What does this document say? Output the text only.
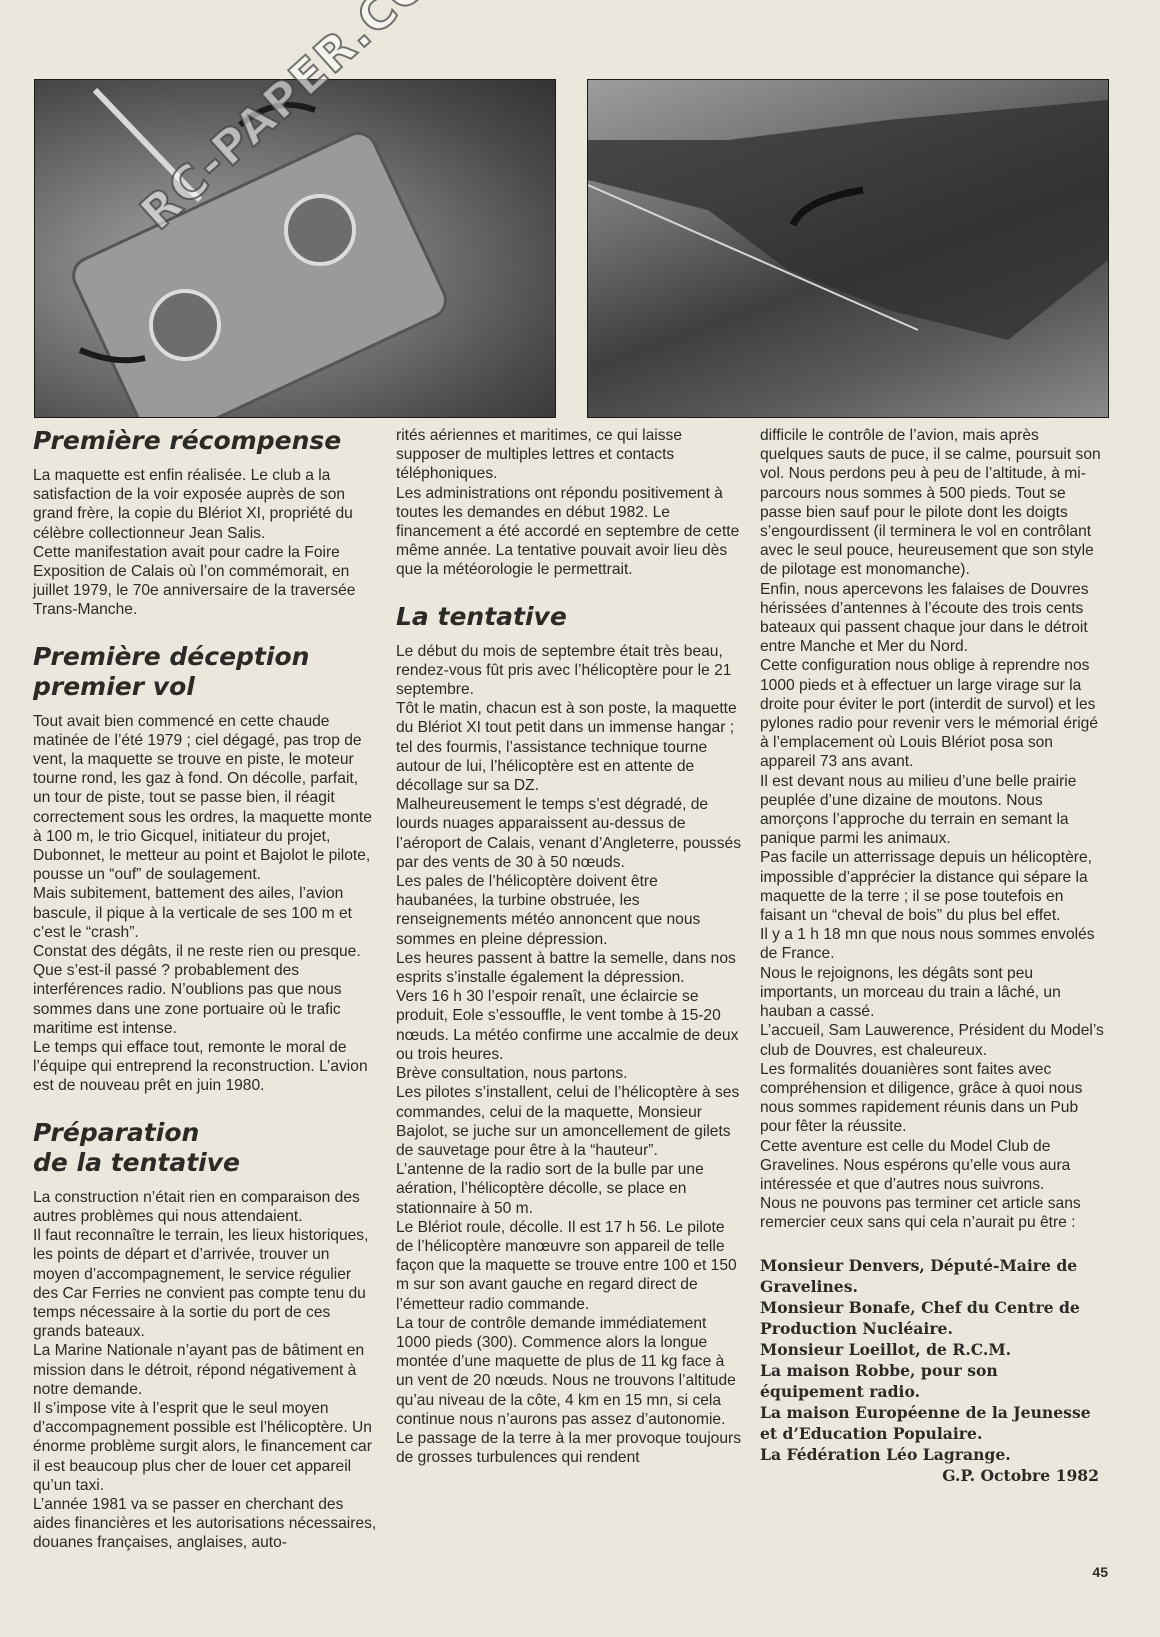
Première récompense

La maquette est enfin réalisée. Le club a la satisfaction de la voir exposée auprès de son grand frère, la copie du Blériot XI, propriété du célèbre collectionneur Jean Salis.

Cette manifestation avait pour cadre la Foire Exposition de Calais où l’on commémorait, en juillet 1979, le 70e anniversaire de la traversée Trans-Manche.

Première déception
premier vol

Tout avait bien commencé en cette chaude matinée de l’été 1979 ; ciel dégagé, pas trop de vent, la maquette se trouve en piste, le moteur tourne rond, les gaz à fond. On décolle, parfait, un tour de piste, tout se passe bien, il réagit correctement sous les ordres, la maquette monte à 100 m, le trio Gicquel, initiateur du projet, Dubonnet, le metteur au point et Bajolot le pilote, pousse un “ouf” de soulagement.

Mais subitement, battement des ailes, l’avion bascule, il pique à la verticale de ses 100 m et c’est le “crash”.

Constat des dégâts, il ne reste rien ou presque. Que s’est-il passé ? probablement des interférences radio. N’oublions pas que nous sommes dans une zone portuaire où le trafic maritime est intense.

Le temps qui efface tout, remonte le moral de l’équipe qui entreprend la reconstruction. L’avion est de nouveau prêt en juin 1980.

Préparation
de la tentative

La construction n’était rien en comparaison des autres problèmes qui nous attendaient.

Il faut reconnaître le terrain, les lieux historiques, les points de départ et d’arrivée, trouver un moyen d’accompagnement, le service régulier des Car Ferries ne convient pas compte tenu du temps nécessaire à la sortie du port de ces grands bateaux.

La Marine Nationale n’ayant pas de bâtiment en mission dans le détroit, répond négativement à notre demande.

Il s’impose vite à l’esprit que le seul moyen d’accompagnement possible est l’hélicoptère. Un énorme problème surgit alors, le financement car il est beaucoup plus cher de louer cet appareil qu’un taxi.

L’année 1981 va se passer en cherchant des aides financières et les autorisations nécessaires, douanes françaises, anglaises, auto-

rités aériennes et maritimes, ce qui laisse supposer de multiples lettres et contacts téléphoniques.

Les administrations ont répondu positivement à toutes les demandes en début 1982. Le financement a été accordé en septembre de cette même année. La tentative pouvait avoir lieu dès que la météorologie le permettrait.

La tentative

Le début du mois de septembre était très beau, rendez-vous fût pris avec l’hélicoptère pour le 21 septembre.

Tôt le matin, chacun est à son poste, la maquette du Blériot XI tout petit dans un immense hangar ; tel des fourmis, l’assistance technique tourne autour de lui, l’hélicoptère est en attente de décollage sur sa DZ.

Malheureusement le temps s’est dégradé, de lourds nuages apparaissent au-dessus de l’aéroport de Calais, venant d’Angleterre, poussés par des vents de 30 à 50 nœuds.

Les pales de l’hélicoptère doivent être haubanées, la turbine obstruée, les renseignements météo annoncent que nous sommes en pleine dépression.

Les heures passent à battre la semelle, dans nos esprits s’installe également la dépression.

Vers 16 h 30 l’espoir renaît, une éclaircie se produit, Eole s’essouffle, le vent tombe à 15-20 nœuds. La météo confirme une accalmie de deux ou trois heures.

Brève consultation, nous partons.

Les pilotes s’installent, celui de l’hélicoptère à ses commandes, celui de la maquette, Monsieur Bajolot, se juche sur un amoncellement de gilets de sauvetage pour être à la “hauteur”.

L’antenne de la radio sort de la bulle par une aération, l’hélicoptère décolle, se place en stationnaire à 50 m.

Le Blériot roule, décolle. Il est 17 h 56. Le pilote de l’hélicoptère manœuvre son appareil de telle façon que la maquette se trouve entre 100 et 150 m sur son avant gauche en regard direct de l’émetteur radio commande.

La tour de contrôle demande immédiatement 1000 pieds (300). Commence alors la longue montée d’une maquette de plus de 11 kg face à un vent de 20 nœuds. Nous ne trouvons l’altitude qu’au niveau de la côte, 4 km en 15 mn, si cela continue nous n’aurons pas assez d’autonomie.

Le passage de la terre à la mer provoque toujours de grosses turbulences qui rendent

difficile le contrôle de l’avion, mais après quelques sauts de puce, il se calme, poursuit son vol. Nous perdons peu à peu de l’altitude, à mi-parcours nous sommes à 500 pieds. Tout se passe bien sauf pour le pilote dont les doigts s’engourdissent (il terminera le vol en contrôlant avec le seul pouce, heureusement que son style de pilotage est monomanche).

Enfin, nous apercevons les falaises de Douvres hérissées d’antennes à l’écoute des trois cents bateaux qui passent chaque jour dans le détroit entre Manche et Mer du Nord.

Cette configuration nous oblige à reprendre nos 1000 pieds et à effectuer un large virage sur la droite pour éviter le port (interdit de survol) et les pylones radio pour revenir vers le mémorial érigé à l’emplacement où Louis Blériot posa son appareil 73 ans avant.

Il est devant nous au milieu d’une belle prairie peuplée d’une dizaine de moutons. Nous amorçons l’approche du terrain en semant la panique parmi les animaux.

Pas facile un atterrissage depuis un hélicoptère, impossible d’apprécier la distance qui sépare la maquette de la terre ; il se pose toutefois en faisant un “cheval de bois” du plus bel effet.

Il y a 1 h 18 mn que nous nous sommes envolés de France.

Nous le rejoignons, les dégâts sont peu importants, un morceau du train a lâché, un hauban a cassé.

L’accueil, Sam Lauwerence, Président du Model’s club de Douvres, est chaleureux.

Les formalités douanières sont faites avec compréhension et diligence, grâce à quoi nous nous sommes rapidement réunis dans un Pub pour fêter la réussite.

Cette aventure est celle du Model Club de Gravelines. Nous espérons qu’elle vous aura intéressée et que d’autres nous suivrons.

Nous ne pouvons pas terminer cet article sans remercier ceux sans qui cela n’aurait pu être :

Monsieur Denvers, Député-Maire de Gravelines.

Monsieur Bonafe, Chef du Centre de Production Nucléaire.

Monsieur Loeillot, de R.C.M.

La maison Robbe, pour son équipement radio.

La maison Européenne de la Jeunesse et d’Education Populaire.

La Fédération Léo Lagrange.

G.P. Octobre 1982

45
